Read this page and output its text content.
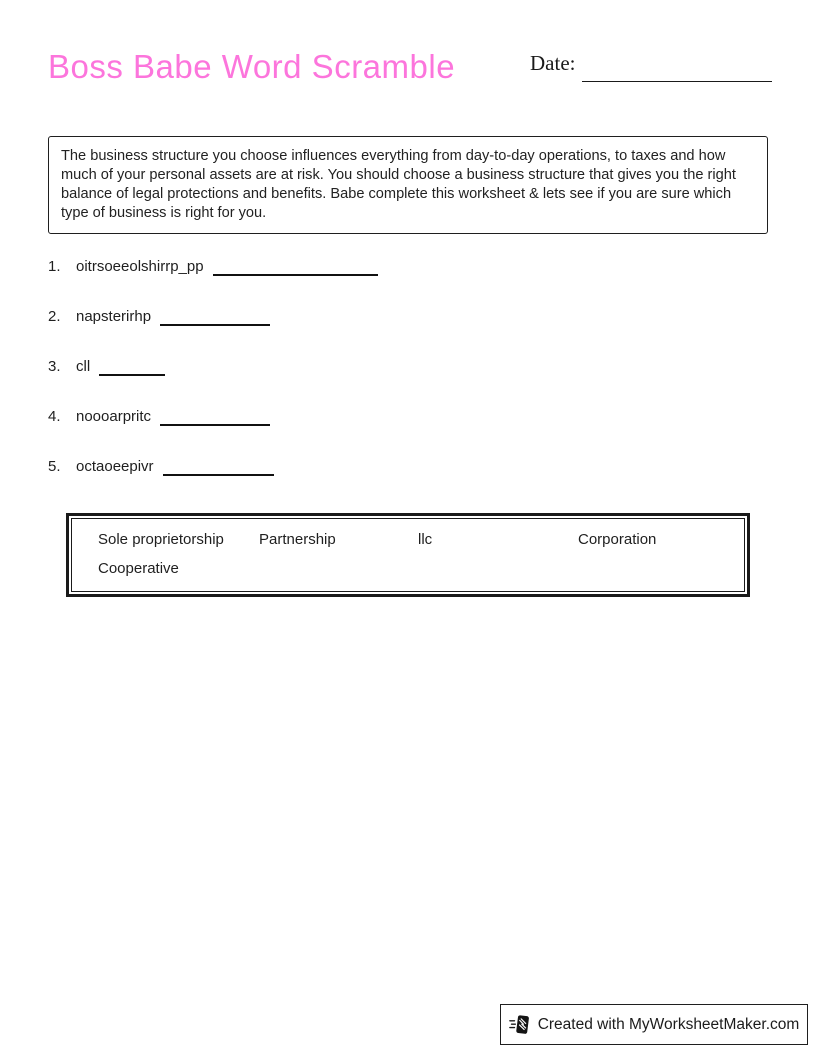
Boss Babe Word Scramble	Date:
The business structure you choose influences everything from day-to-day operations, to taxes and how much of your personal assets are at risk. You should choose a business structure that gives you the right balance of legal protections and benefits. Babe complete this worksheet & lets see if you are sure which type of business is right for you.
1.	oitrsoeeolshirrp_pp
2.	napsterirhp
3.	cll
4.	noooarpritc
5.	octaoeepivr
Sole proprietorship	Partnership	llc	Corporation
Cooperative
Created with MyWorksheetMaker.com
